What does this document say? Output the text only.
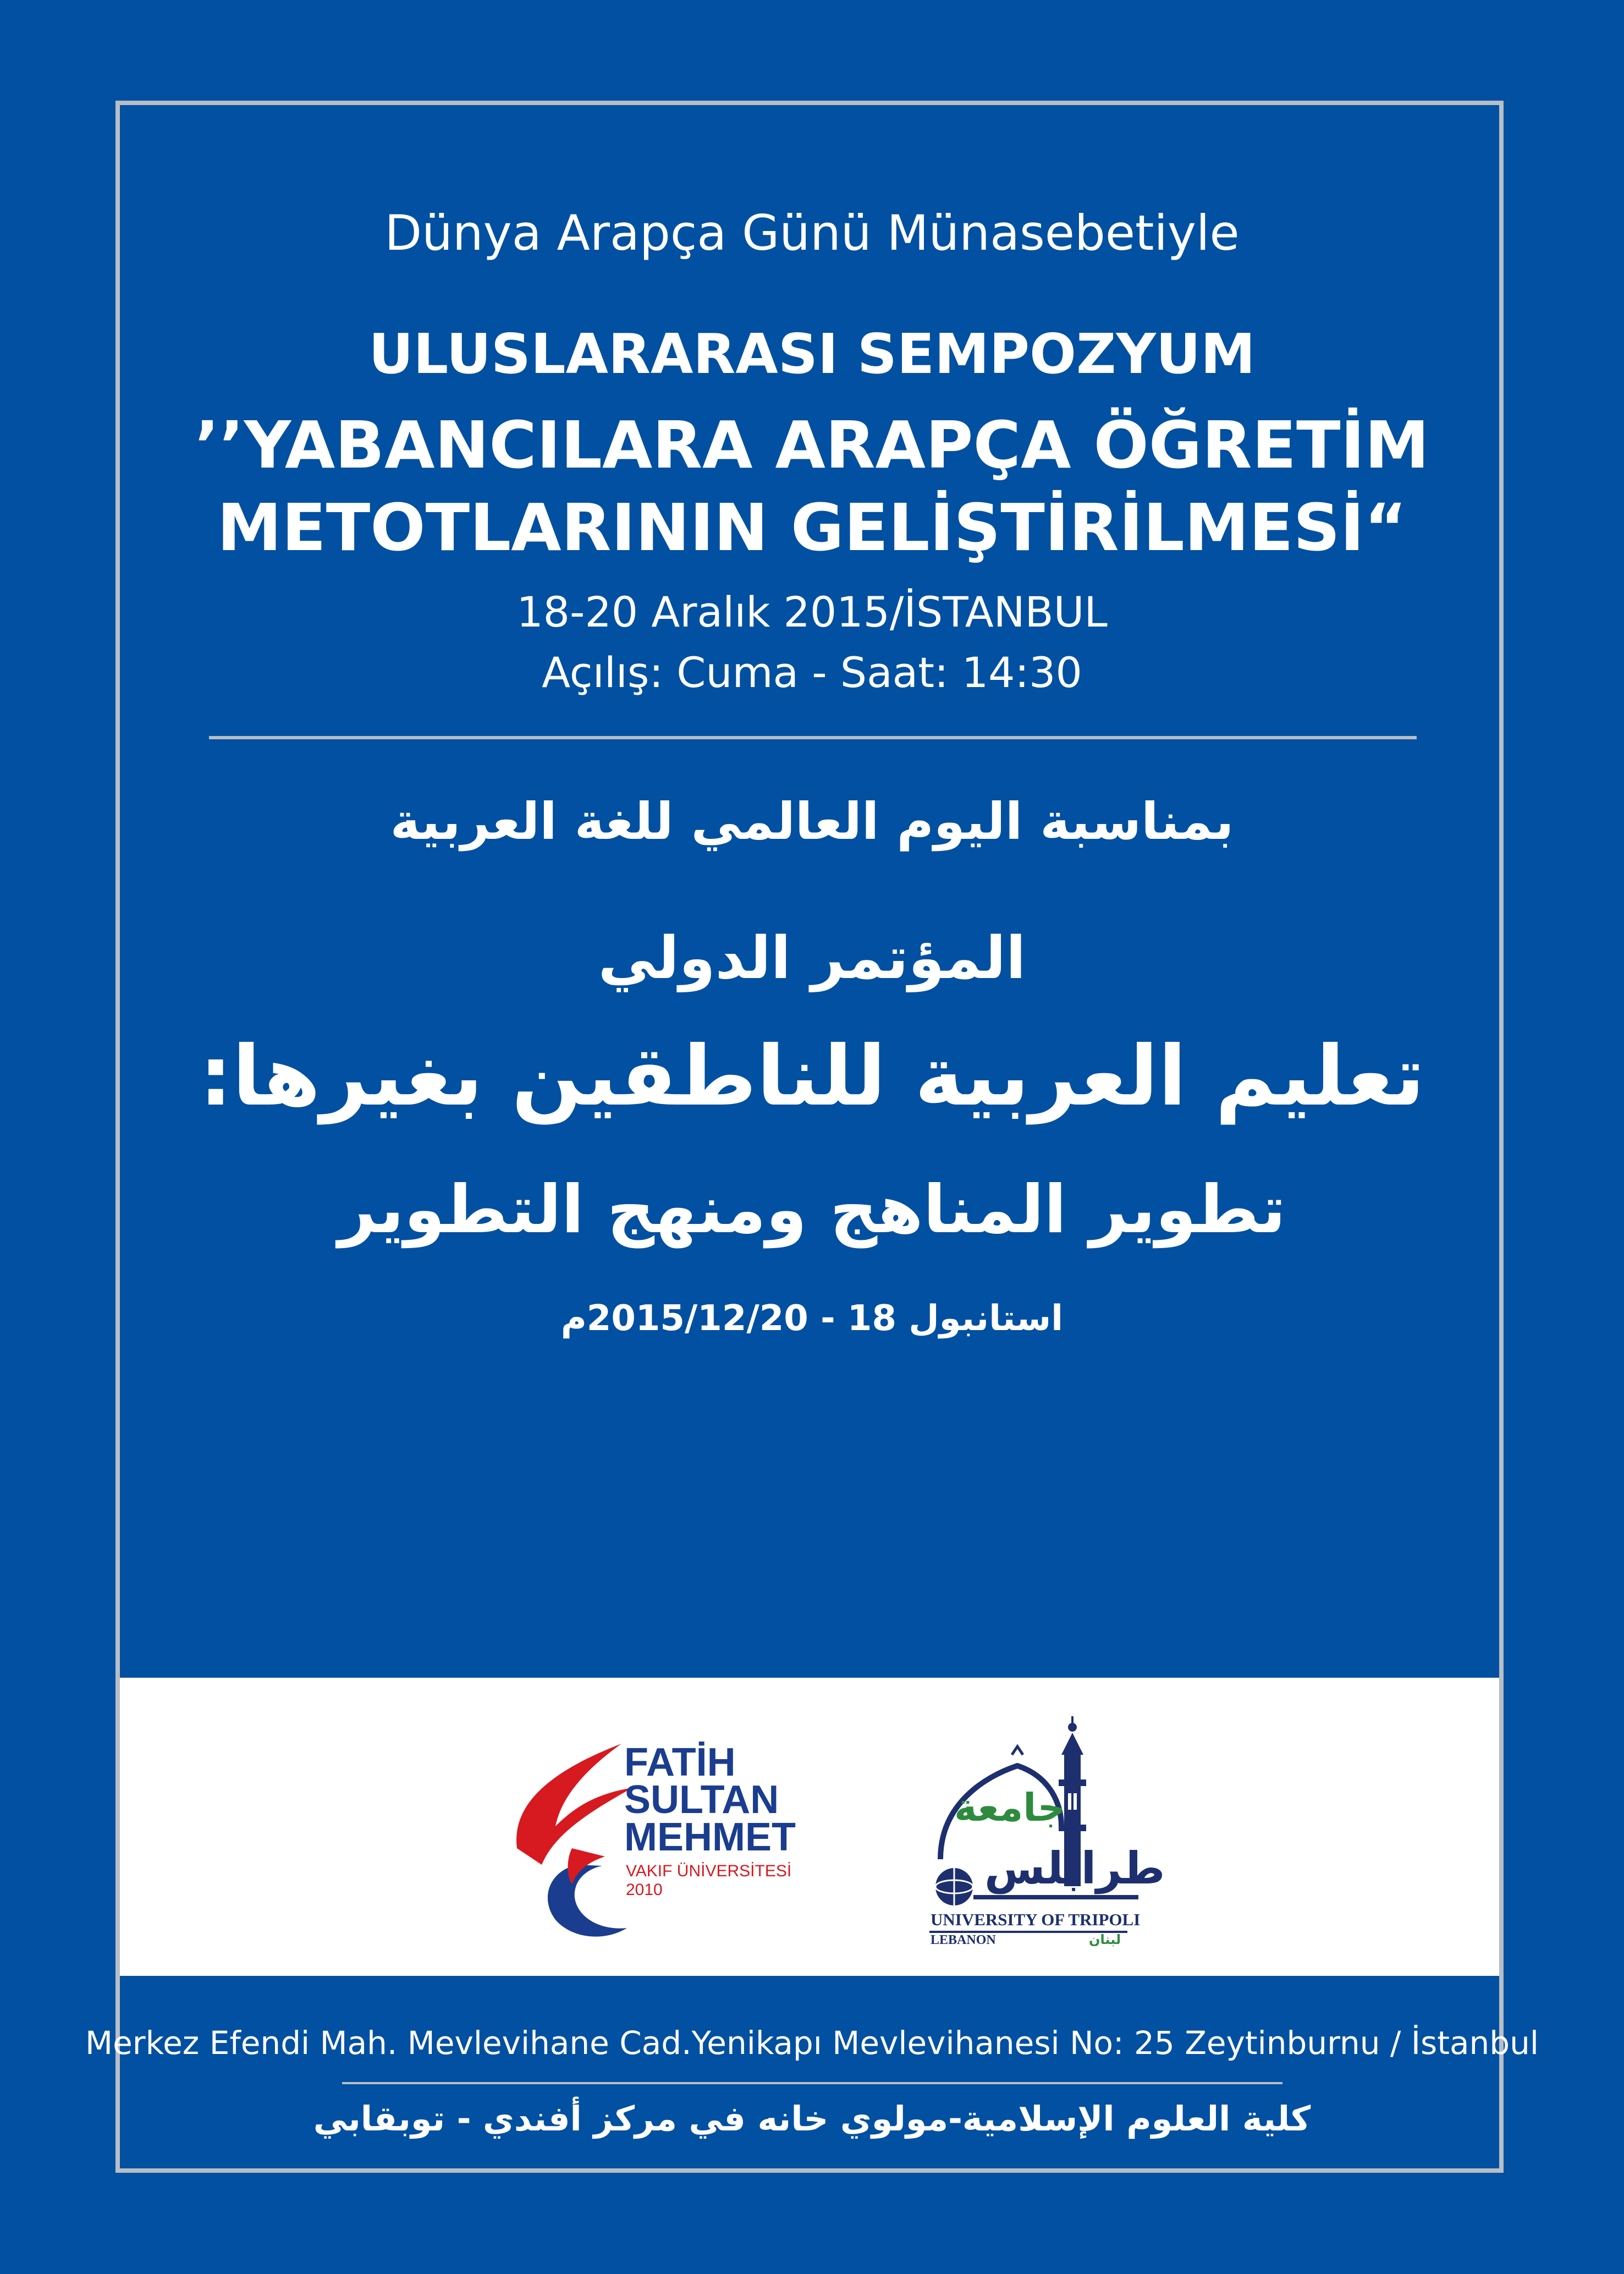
Dünya Arapça Günü Münasebetiyle
ULUSLARARASI SEMPOZYUM
’’YABANCILARA ARAPÇA ÖĞRETİM
METOTLARININ GELİŞTİRİLMESİ“
18-20 Aralık 2015/İSTANBUL
Açılış: Cuma - Saat: 14:30
بمناسبة اليوم العالمي للغة العربية
المؤتمر الدولي
تعليم العربية للناطقين بغيرها:
تطوير المناهج ومنهج التطوير
استانبول 18 - 2015/12/20م
FATİH
SULTAN
MEHMET
VAKIF ÜNİVERSİTESİ
2010
جامعة
طرابلس
UNIVERSITY OF TRIPOLI
LEBANON	لبنان
Merkez Efendi Mah. Mevlevihane Cad.Yenikapı Mevlevihanesi No: 25 Zeytinburnu / İstanbul
كلية العلوم الإسلامية-مولوي خانه في مركز أفندي - توبقابي
